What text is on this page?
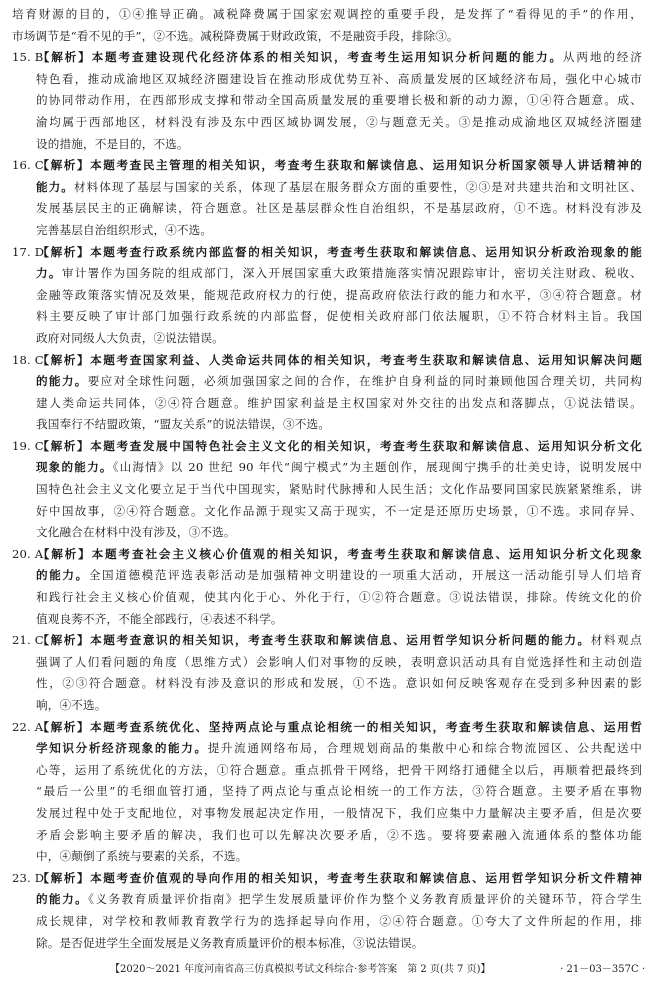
培育财源的目的，①④推导正确。减税降费属于国家宏观调控的重要手段，是发挥了“看得见的手”的作用，
市场调节是“看不见的手”，②不选。减税降费属于财政政策，不是融资手段，排除③。
15. B【解析】本题考查建设现代化经济体系的相关知识，考查考生运用知识分析问题的能力。从两地的经济
特色看，推动成渝地区双城经济圈建设旨在推动形成优势互补、高质量发展的区域经济布局，强化中心城市
的协同带动作用，在西部形成支撑和带动全国高质量发展的重要增长极和新的动力源，①④符合题意。成、
渝均属于西部地区，材料没有涉及东中西区域协调发展，②与题意无关。③是推动成渝地区双城经济圈建
设的措施，不是目的，不选。
16. C【解析】本题考查民主管理的相关知识，考查考生获取和解读信息、运用知识分析国家领导人讲话精神的
能力。材料体现了基层与国家的关系，体现了基层在服务群众方面的重要性，②③是对共建共治和文明社区、
发展基层民主的正确解读，符合题意。社区是基层群众性自治组织，不是基层政府，①不选。材料没有涉及
完善基层自治组织形式，④不选。
17. D【解析】本题考查行政系统内部监督的相关知识，考查考生获取和解读信息、运用知识分析政治现象的能
力。审计署作为国务院的组成部门，深入开展国家重大政策措施落实情况跟踪审计，密切关注财政、税收、
金融等政策落实情况及效果，能规范政府权力的行使，提高政府依法行政的能力和水平，③④符合题意。材
料主要反映了审计部门加强行政系统的内部监督，促使相关政府部门依法履职，①不符合材料主旨。我国
政府对同级人大负责，②说法错误。
18. C【解析】本题考查国家利益、人类命运共同体的相关知识，考查考生获取和解读信息、运用知识解决问题
的能力。要应对全球性问题，必须加强国家之间的合作，在维护自身利益的同时兼顾他国合理关切，共同构
建人类命运共同体，②④符合题意。维护国家利益是主权国家对外交往的出发点和落脚点，①说法错误。
我国奉行不结盟政策，“盟友关系”的说法错误，③不选。
19. C【解析】本题考查发展中国特色社会主义文化的相关知识，考查考生获取和解读信息、运用知识分析文化
现象的能力。《山海情》以 20 世纪 90 年代“闽宁模式”为主题创作，展现闽宁携手的壮美史诗，说明发展中
国特色社会主义文化要立足于当代中国现实，紧贴时代脉搏和人民生活；文化作品要同国家民族紧紧维系，讲
好中国故事，②④符合题意。文化作品源于现实又高于现实，不一定是还原历史场景，①不选。求同存异、
文化融合在材料中没有涉及，③不选。
20. A【解析】本题考查社会主义核心价值观的相关知识，考查考生获取和解读信息、运用知识分析文化现象
的能力。全国道德模范评选表彰活动是加强精神文明建设的一项重大活动，开展这一活动能引导人们培育
和践行社会主义核心价值观，使其内化于心、外化于行，①②符合题意。③说法错误，排除。传统文化的价
值观良莠不齐，不能全部践行，④表述不科学。
21. C【解析】本题考查意识的相关知识，考查考生获取和解读信息、运用哲学知识分析问题的能力。材料观点
强调了人们看问题的角度（思维方式）会影响人们对事物的反映，表明意识活动具有自觉选择性和主动创造
性，②③符合题意。材料没有涉及意识的形成和发展，①不选。意识如何反映客观存在受到多种因素的影
响，④不选。
22. A【解析】本题考查系统优化、坚持两点论与重点论相统一的相关知识，考查考生获取和解读信息、运用哲
学知识分析经济现象的能力。提升流通网络布局，合理规划商品的集散中心和综合物流园区、公共配送中
心等，运用了系统优化的方法，①符合题意。重点抓骨干网络，把骨干网络打通健全以后，再顺着把最终到
“最后一公里”的毛细血管打通，坚持了两点论与重点论相统一的工作方法，③符合题意。主要矛盾在事物
发展过程中处于支配地位，对事物发展起决定作用，一般情况下，我们应集中力量解决主要矛盾，但是次要
矛盾会影响主要矛盾的解决，我们也可以先解决次要矛盾，②不选。要将要素融入流通体系的整体功能
中，④颠倒了系统与要素的关系，不选。
23. D【解析】本题考查价值观的导向作用的相关知识，考查考生获取和解读信息、运用哲学知识分析文件精神
的能力。《义务教育质量评价指南》把学生发展质量评价作为整个义务教育质量评价的关键环节，符合学生
成长规律，对学校和教师教育教学行为的选择起导向作用，②④符合题意。①夸大了文件所起的作用，排
除。是否促进学生全面发展是义务教育质量评价的根本标准，③说法错误。
【2020～2021 年度河南省高三仿真模拟考试文科综合·参考答案　第 2 页(共 7 页)】	· 21－03－357C ·
